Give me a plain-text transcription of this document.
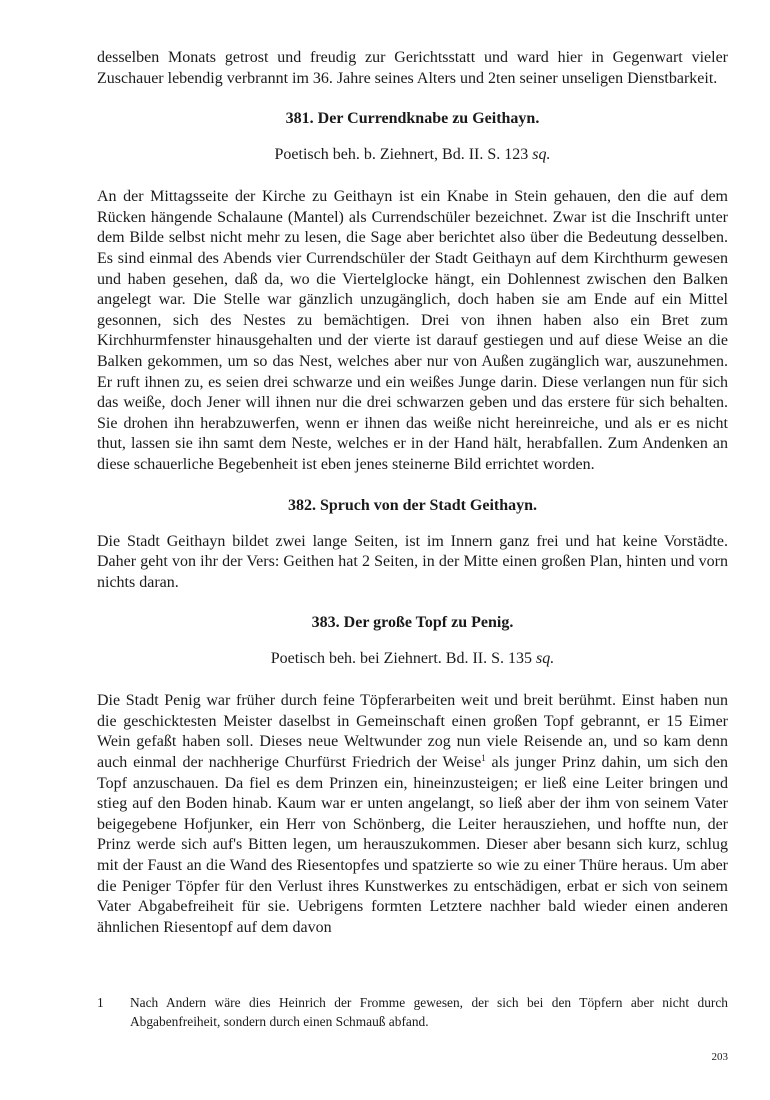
desselben Monats getrost und freudig zur Gerichtsstatt und ward hier in Gegenwart vieler Zuschauer lebendig verbrannt im 36. Jahre seines Alters und 2ten seiner unseligen Dienstbarkeit.

381. Der Currendknabe zu Geithayn.

Poetisch beh. b. Ziehnert, Bd. II. S. 123 sq.

An der Mittagsseite der Kirche zu Geithayn ist ein Knabe in Stein gehauen, den die auf dem Rücken hängende Schalaune (Mantel) als Currendschüler bezeichnet. Zwar ist die Inschrift unter dem Bilde selbst nicht mehr zu lesen, die Sage aber berichtet also über die Bedeutung desselben. Es sind einmal des Abends vier Currendschüler der Stadt Geithayn auf dem Kirchthurm gewesen und haben gesehen, daß da, wo die Viertelglocke hängt, ein Dohlennest zwischen den Balken angelegt war. Die Stelle war gänzlich unzugänglich, doch haben sie am Ende auf ein Mittel gesonnen, sich des Nestes zu bemächtigen. Drei von ihnen haben also ein Bret zum Kirchhurmfenster hinausgehalten und der vierte ist darauf gestiegen und auf diese Weise an die Balken gekommen, um so das Nest, welches aber nur von Außen zugänglich war, auszunehmen. Er ruft ihnen zu, es seien drei schwarze und ein weißes Junge darin. Diese verlangen nun für sich das weiße, doch Jener will ihnen nur die drei schwarzen geben und das erstere für sich behalten. Sie drohen ihn herabzuwerfen, wenn er ihnen das weiße nicht hereinreiche, und als er es nicht thut, lassen sie ihn samt dem Neste, welches er in der Hand hält, herabfallen. Zum Andenken an diese schauerliche Begebenheit ist eben jenes steinerne Bild errichtet worden.

382. Spruch von der Stadt Geithayn.

Die Stadt Geithayn bildet zwei lange Seiten, ist im Innern ganz frei und hat keine Vorstädte. Daher geht von ihr der Vers: Geithen hat 2 Seiten, in der Mitte einen großen Plan, hinten und vorn nichts daran.

383. Der große Topf zu Penig.

Poetisch beh. bei Ziehnert. Bd. II. S. 135 sq.

Die Stadt Penig war früher durch feine Töpferarbeiten weit und breit berühmt. Einst haben nun die geschicktesten Meister daselbst in Gemeinschaft einen großen Topf gebrannt, er 15 Eimer Wein gefaßt haben soll. Dieses neue Weltwunder zog nun viele Reisende an, und so kam denn auch einmal der nachherige Churfürst Friedrich der Weise$^1$ als junger Prinz dahin, um sich den Topf anzuschauen. Da fiel es dem Prinzen ein, hineinzusteigen; er ließ eine Leiter bringen und stieg auf den Boden hinab. Kaum war er unten angelangt, so ließ aber der ihm von seinem Vater beigegebene Hofjunker, ein Herr von Schönberg, die Leiter herausziehen, und hoffte nun, der Prinz werde sich auf's Bitten legen, um herauszukommen. Dieser aber besann sich kurz, schlug mit der Faust an die Wand des Riesentopfes und spatzierte so wie zu einer Thüre heraus. Um aber die Peniger Töpfer für den Verlust ihres Kunstwerkes zu entschädigen, erbat er sich von seinem Vater Abgabefreiheit für sie. Uebrigens formten Letztere nachher bald wieder einen anderen ähnlichen Riesentopf auf dem davon

1	Nach Andern wäre dies Heinrich der Fromme gewesen, der sich bei den Töpfern aber nicht durch Abgabenfreiheit, sondern durch einen Schmauß abfand.
203
